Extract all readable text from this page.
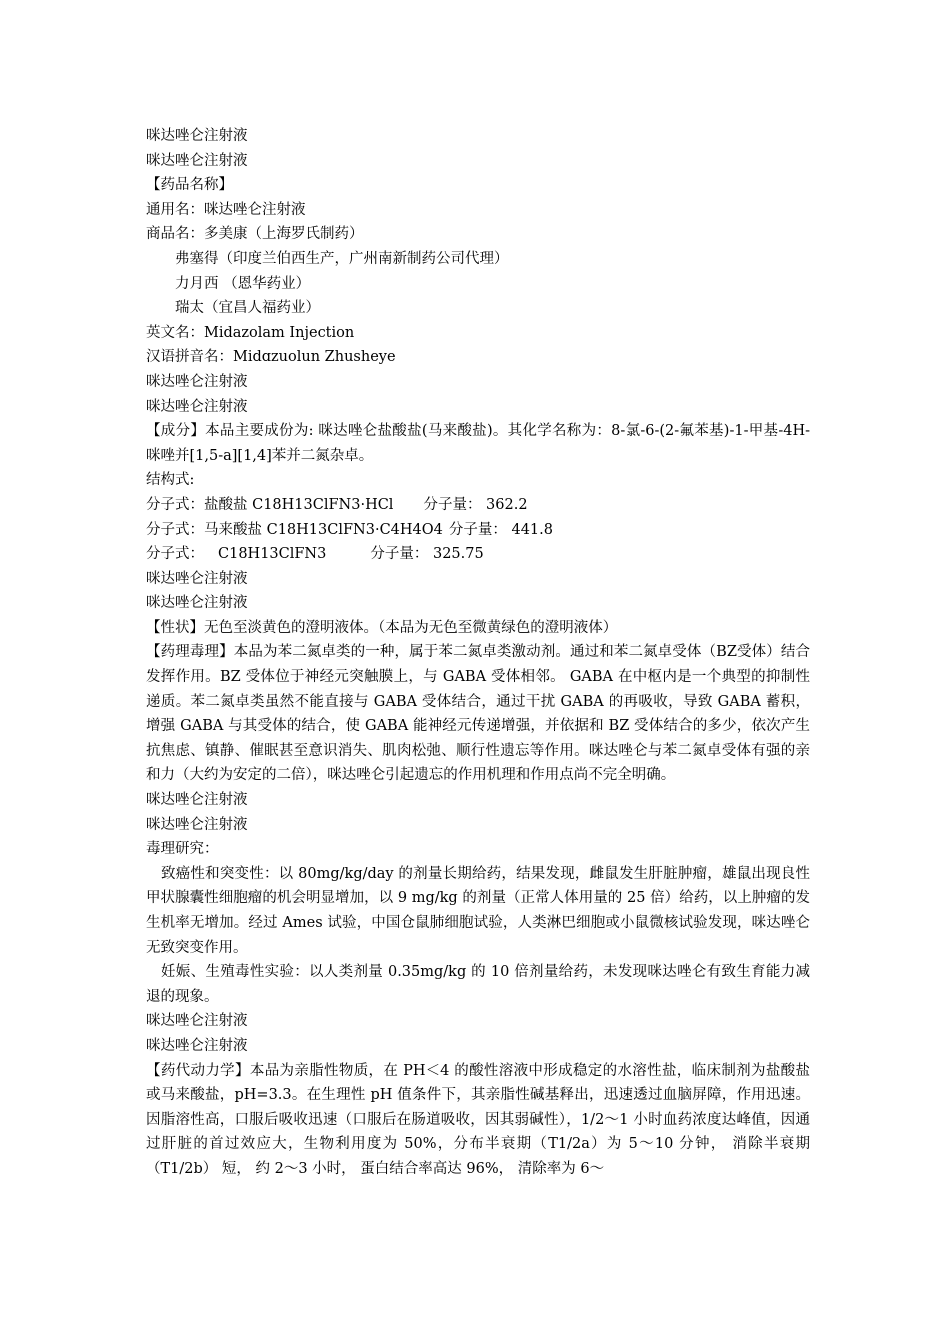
咪达唑仑注射液
咪达唑仑注射液
【药品名称】
通用名：咪达唑仑注射液
商品名：多美康（上海罗氏制药）
弗塞得（印度兰伯西生产，广州南新制药公司代理）
力月西 （恩华药业）
瑞太（宜昌人福药业）
英文名：Midazolam Injection
汉语拼音名：Midɑzuolun Zhusheye
咪达唑仑注射液
咪达唑仑注射液
【成分】本品主要成份为: 咪达唑仑盐酸盐(马来酸盐)。其化学名称为：8-氯-6-(2-氟苯基)-1-甲基-4H-咪唑并[1,5-a][1,4]苯并二氮杂卓。
结构式:
分子式：盐酸盐 C18H13ClFN3·HCl 分子量： 362.2
分子式：马来酸盐 C18H13ClFN3·C4H4O4 分子量： 441.8
分子式： C18H13ClFN3	分子量： 325.75
咪达唑仑注射液
咪达唑仑注射液
【性状】无色至淡黄色的澄明液体。（本品为无色至微黄绿色的澄明液体）
【药理毒理】本品为苯二氮卓类的一种，属于苯二氮卓类激动剂。通过和苯二氮卓受体（BZ受体）结合发挥作用。BZ 受体位于神经元突触膜上，与 GABA 受体相邻。 GABA 在中枢内是一个典型的抑制性递质。苯二氮卓类虽然不能直接与 GABA 受体结合，通过干扰 GABA 的再吸收，导致 GABA 蓄积，增强 GABA 与其受体的结合，使 GABA 能神经元传递增强，并依据和 BZ 受体结合的多少，依次产生抗焦虑、镇静、催眠甚至意识消失、肌肉松弛、顺行性遗忘等作用。咪达唑仑与苯二氮卓受体有强的亲和力（大约为安定的二倍），咪达唑仑引起遗忘的作用机理和作用点尚不完全明确。
咪达唑仑注射液
咪达唑仑注射液
毒理研究：
致癌性和突变性：以 80mg/kg/day 的剂量长期给药，结果发现，雌鼠发生肝脏肿瘤，雄鼠出现良性甲状腺囊性细胞瘤的机会明显增加，以 9 mg/kg 的剂量（正常人体用量的 25 倍）给药，以上肿瘤的发生机率无增加。经过 Ames 试验，中国仓鼠肺细胞试验，人类淋巴细胞或小鼠微核试验发现，咪达唑仑无致突变作用。
妊娠、生殖毒性实验：以人类剂量 0.35mg/kg 的 10 倍剂量给药，未发现咪达唑仑有致生育能力减退的现象。
咪达唑仑注射液
咪达唑仑注射液
【药代动力学】本品为亲脂性物质，在 PH＜4 的酸性溶液中形成稳定的水溶性盐，临床制剂为盐酸盐或马来酸盐，pH=3.3。在生理性 pH 值条件下，其亲脂性碱基释出，迅速透过血脑屏障，作用迅速。因脂溶性高，口服后吸收迅速（口服后在肠道吸收，因其弱碱性），1/2～1 小时血药浓度达峰值，因通过肝脏的首过效应大，生物利用度为 50%，分布半衰期（T1/2a）为 5～10 分钟， 消除半衰期 （T1/2b） 短， 约 2～3 小时， 蛋白结合率高达 96%， 清除率为 6～
